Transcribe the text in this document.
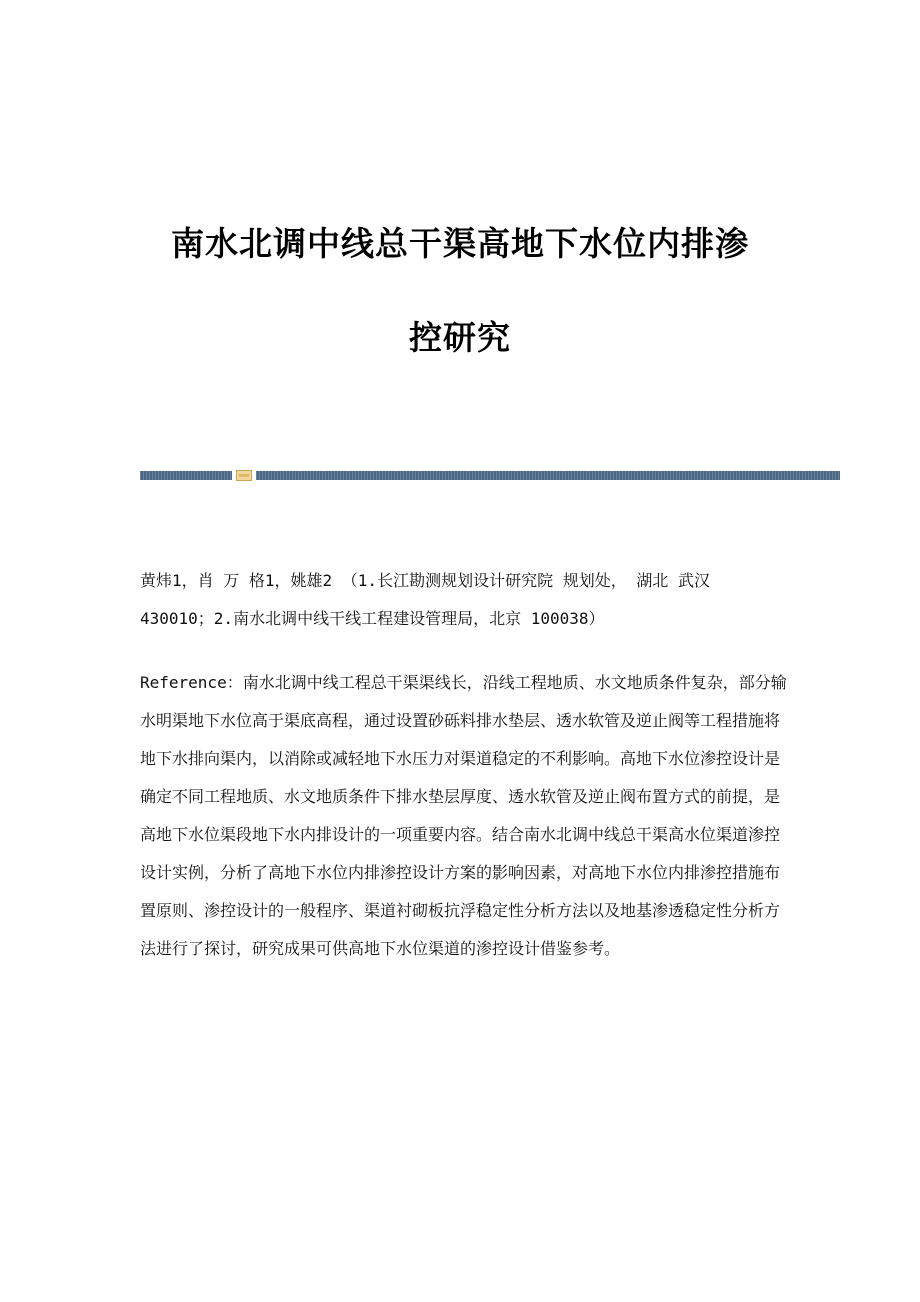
南水北调中线总干渠高地下水位内排渗
控研究

黄炜1，肖 万 格1，姚雄2 （1.长江勘测规划设计研究院 规划处， 湖北 武汉 430010；2.南水北调中线干线工程建设管理局，北京 100038）

Reference：南水北调中线工程总干渠渠线长，沿线工程地质、水文地质条件复杂，部分输水明渠地下水位高于渠底高程，通过设置砂砾料排水垫层、透水软管及逆止阀等工程措施将地下水排向渠内，以消除或减轻地下水压力对渠道稳定的不利影响。高地下水位渗控设计是确定不同工程地质、水文地质条件下排水垫层厚度、透水软管及逆止阀布置方式的前提，是高地下水位渠段地下水内排设计的一项重要内容。结合南水北调中线总干渠高水位渠道渗控设计实例，分析了高地下水位内排渗控设计方案的影响因素，对高地下水位内排渗控措施布置原则、渗控设计的一般程序、渠道衬砌板抗浮稳定性分析方法以及地基渗透稳定性分析方法进行了探讨，研究成果可供高地下水位渠道的渗控设计借鉴参考。
